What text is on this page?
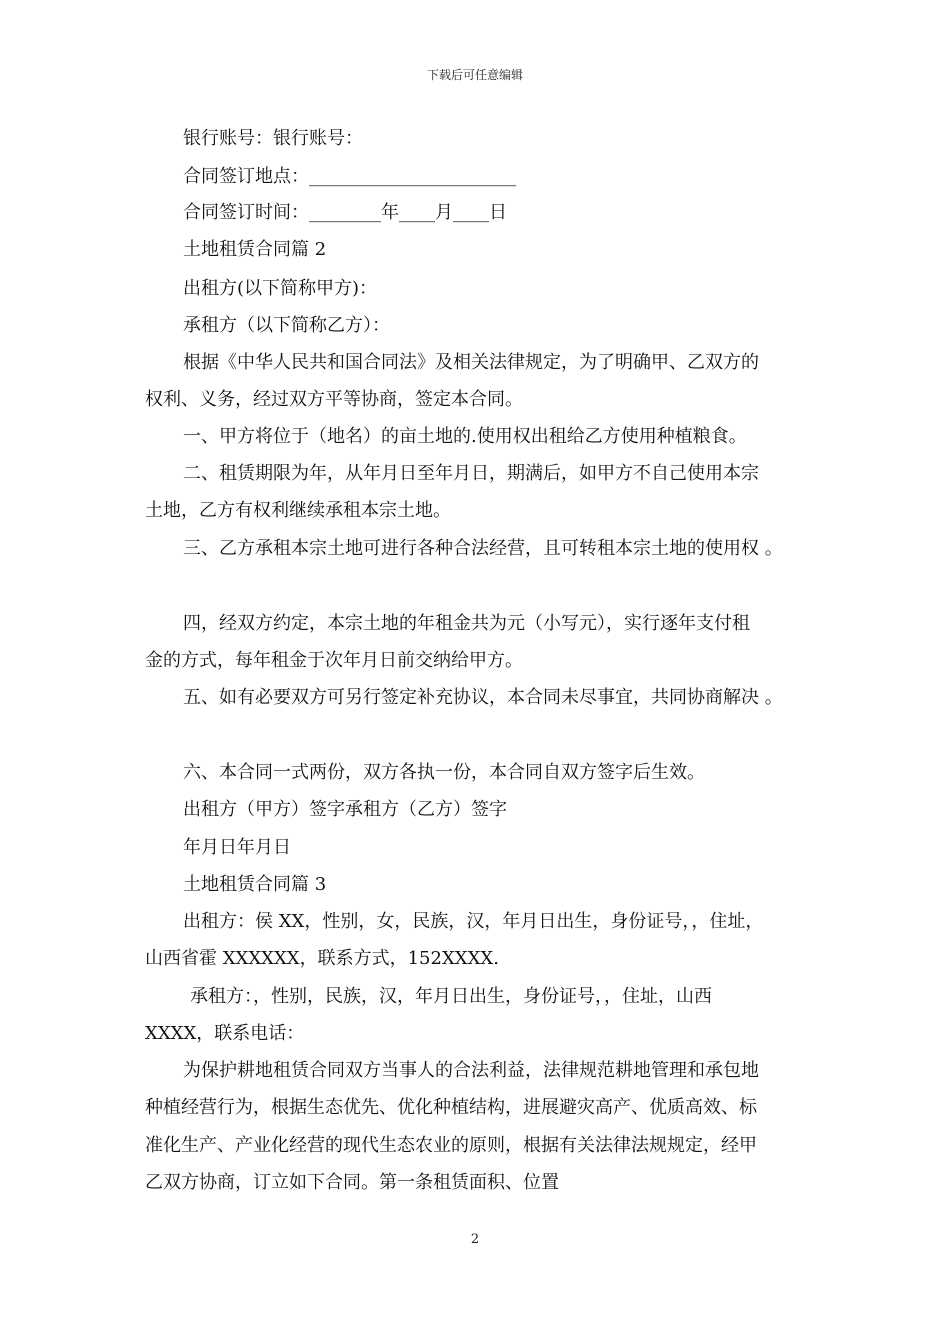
下载后可任意编辑
银行账号：银行账号：
合同签订地点：_______________________
合同签订时间：________年____月____日
土地租赁合同篇 2
出租方(以下简称甲方)：
承租方（以下简称乙方）：
根据《中华人民共和国合同法》及相关法律规定，为了明确甲、乙双方的
权利、义务，经过双方平等协商，签定本合同。
一、甲方将位于（地名）的亩土地的.使用权出租给乙方使用种植粮食。
二、租赁期限为年，从年月日至年月日，期满后，如甲方不自己使用本宗
土地，乙方有权利继续承租本宗土地。
三、乙方承租本宗土地可进行各种合法经营，且可转租本宗土地的使用权 。
四，经双方约定，本宗土地的年租金共为元（小写元），实行逐年支付租
金的方式，每年租金于次年月日前交纳给甲方。
五、如有必要双方可另行签定补充协议，本合同未尽事宜，共同协商解决 。
六、本合同一式两份，双方各执一份，本合同自双方签字后生效。
出租方（甲方）签字承租方（乙方）签字
年月日年月日
土地租赁合同篇 3
出租方：侯 XX，性别，女，民族，汉，年月日出生，身份证号，，住址，
山西省霍 XXXXXX，联系方式，152XXXX.
承租方：，性别，民族，汉，年月日出生，身份证号，，住址，山西
XXXX，联系电话：
为保护耕地租赁合同双方当事人的合法利益，法律规范耕地管理和承包地
种植经营行为，根据生态优先、优化种植结构，进展避灾高产、优质高效、标
准化生产、产业化经营的现代生态农业的原则，根据有关法律法规规定，经甲
乙双方协商，订立如下合同。第一条租赁面积、位置
2
